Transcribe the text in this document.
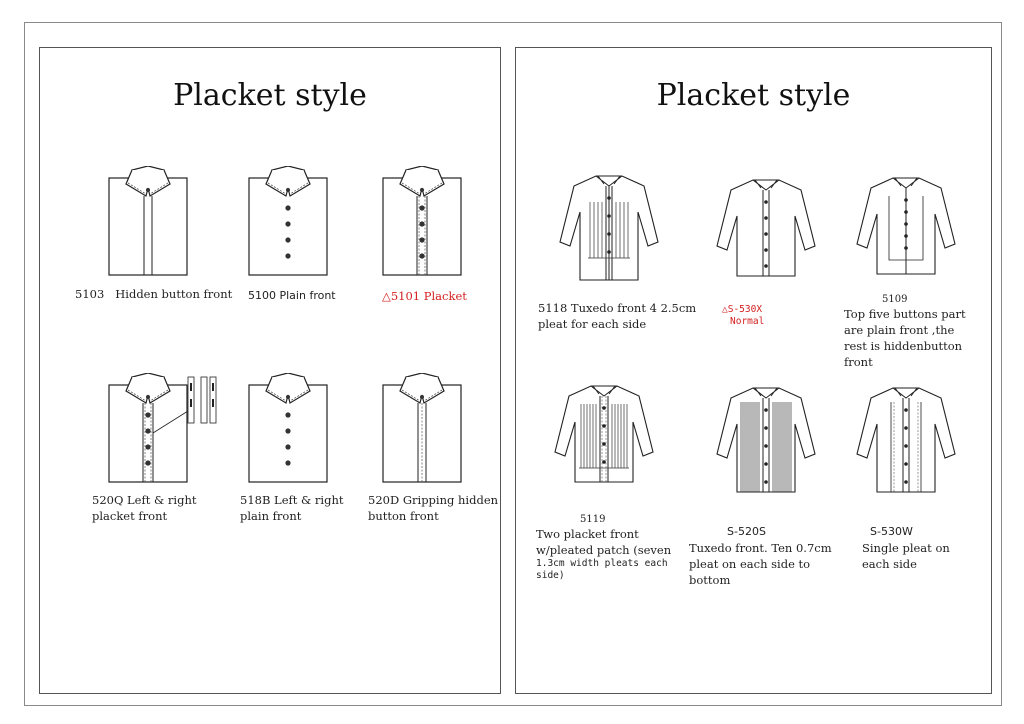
Placket style
5103 Hidden button front 5100 Plain front	△5101 Placket
520Q Left & right
placket front
518B Left & right
plain front
520D Gripping hidden
button front
Placket style
5118 Tuxedo front 4 2.5cm
pleat for each side
△S-530X
Normal
5109
Top five buttons part
are plain front ,the
rest is hiddenbutton
front
5119
Two placket front
w/pleated patch (seven
1.3cm width pleats each
side)
S-520S
Tuxedo front. Ten 0.7cm
pleat on each side to
bottom
S-530W
Single pleat on
each side
